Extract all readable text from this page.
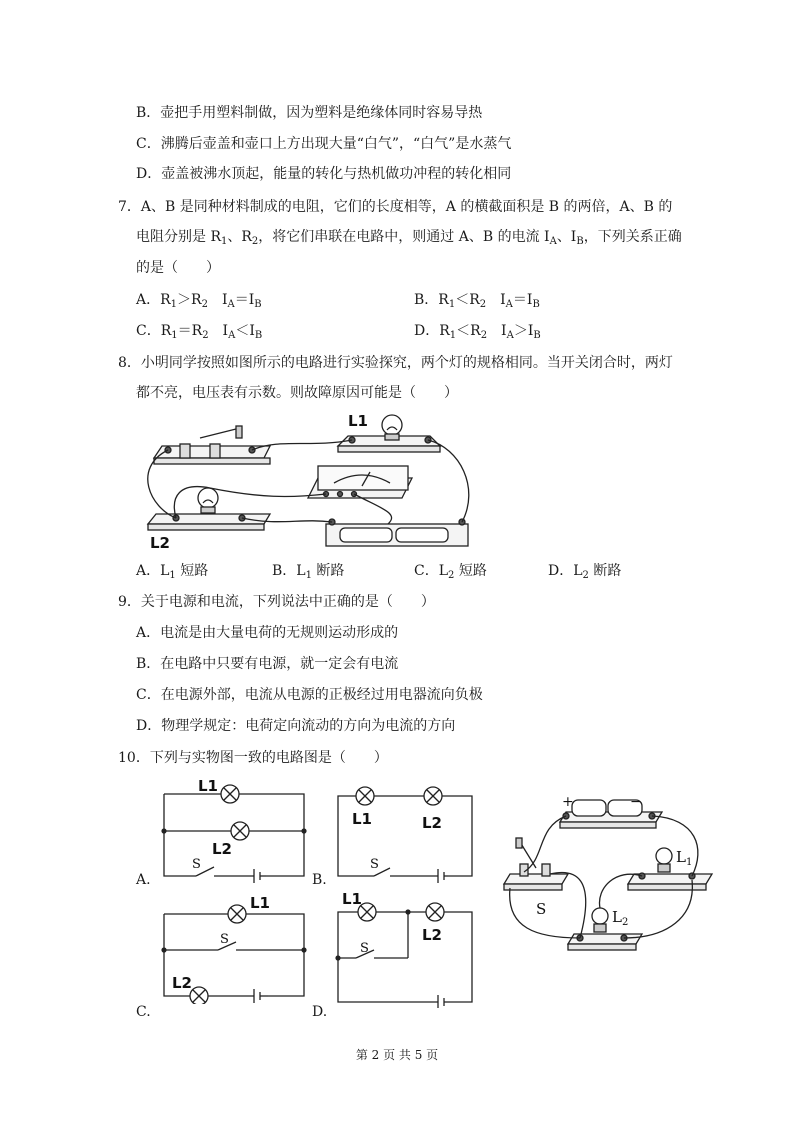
B．壶把手用塑料制做，因为塑料是绝缘体同时容易导热
C．沸腾后壶盖和壶口上方出现大量“白气”，“白气”是水蒸气
D．壶盖被沸水顶起，能量的转化与热机做功冲程的转化相同
7．A、B 是同种材料制成的电阻，它们的长度相等，A 的横截面积是 B 的两倍，A、B 的
电阻分别是 $R_1$、$R_2$，将它们串联在电路中，则通过 A、B 的电流 $I_A$、$I_B$，下列关系正确
的是（　　）
A．$R_1>R_2$　$I_A=I_B$	B．$R_1<R_2$　$I_A=I_B$
C．$R_1=R_2$　$I_A<I_B$	D．$R_1<R_2$　$I_A>I_B$
8．小明同学按照如图所示的电路进行实验探究，两个灯的规格相同。当开关闭合时，两灯
都不亮，电压表有示数。则故障原因可能是（　　）
L1
L2
A．$L_1$ 短路	B．$L_1$ 断路	C．$L_2$ 短路	D．$L_2$ 断路
9．关于电源和电流，下列说法中正确的是（　　）
A．电流是由大量电荷的无规则运动形成的
B．在电路中只要有电源，就一定会有电流
C．在电源外部，电流从电源的正极经过用电器流向负极
D．物理学规定：电荷定向流动的方向为电流的方向
10．下列与实物图一致的电路图是（　　）
L1
L2
S
A.
L1	L2
S
B.
L1
L2
S
C.
L1
L2
S
D.
+	−
S
$L_1$
$L_2$
第 2 页 共 5 页
